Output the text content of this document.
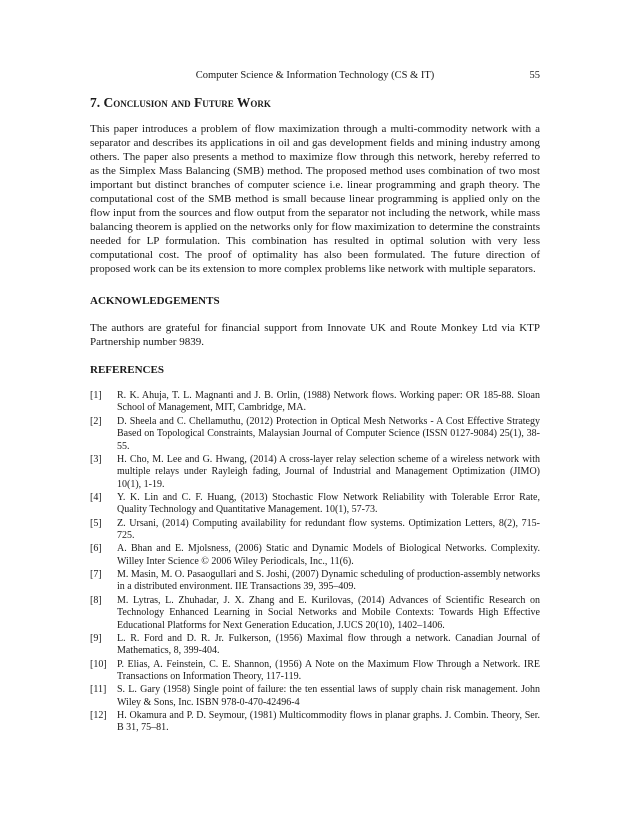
Computer Science & Information Technology (CS & IT)	55
7. Conclusion and Future Work

This paper introduces a problem of flow maximization through a multi-commodity network with a separator and describes its applications in oil and gas development fields and mining industry among others. The paper also presents a method to maximize flow through this network, hereby referred to as the Simplex Mass Balancing (SMB) method. The proposed method uses combination of two most important but distinct branches of computer science i.e. linear programming and graph theory. The computational cost of the SMB method is small because linear programming is applied only on the flow input from the sources and flow output from the separator not including the network, while mass balancing theorem is applied on the networks only for flow maximization to determine the constraints needed for LP formulation. This combination has resulted in optimal solution with very less computational cost. The proof of optimality has also been formulated. The future direction of proposed work can be its extension to more complex problems like network with multiple separators.

ACKNOWLEDGEMENTS

The authors are grateful for financial support from Innovate UK and Route Monkey Ltd via KTP Partnership number 9839.

REFERENCES
[1]	R. K. Ahuja, T. L. Magnanti and J. B. Orlin, (1988) Network flows. Working paper: OR 185-88. Sloan School of Management, MIT, Cambridge, MA.
[2]	D. Sheela and C. Chellamuthu, (2012) Protection in Optical Mesh Networks - A Cost Effective Strategy Based on Topological Constraints, Malaysian Journal of Computer Science (ISSN 0127-9084) 25(1), 38-55.
[3]	H. Cho, M. Lee and G. Hwang, (2014) A cross-layer relay selection scheme of a wireless network with multiple relays under Rayleigh fading, Journal of Industrial and Management Optimization (JIMO) 10(1), 1-19.
[4]	Y. K. Lin and C. F. Huang, (2013) Stochastic Flow Network Reliability with Tolerable Error Rate, Quality Technology and Quantitative Management. 10(1), 57-73.
[5]	Z. Ursani, (2014) Computing availability for redundant flow systems. Optimization Letters, 8(2), 715-725.
[6]	A. Bhan and E. Mjolsness, (2006) Static and Dynamic Models of Biological Networks. Complexity. Willey Inter Science © 2006 Wiley Periodicals, Inc., 11(6).
[7]	M. Masin, M. O. Pasaogullari and S. Joshi, (2007) Dynamic scheduling of production-assembly networks in a distributed environment. IIE Transactions 39, 395–409.
[8]	M. Lytras, L. Zhuhadar, J. X. Zhang and E. Kurilovas, (2014) Advances of Scientific Research on Technology Enhanced Learning in Social Networks and Mobile Contexts: Towards High Effective Educational Platforms for Next Generation Education, J.UCS 20(10), 1402–1406.
[9]	L. R. Ford and D. R. Jr. Fulkerson, (1956) Maximal flow through a network. Canadian Journal of Mathematics, 8, 399-404.
[10]	P. Elias, A. Feinstein, C. E. Shannon, (1956) A Note on the Maximum Flow Through a Network. IRE Transactions on Information Theory, 117-119.
[11]	S. L. Gary (1958) Single point of failure: the ten essential laws of supply chain risk management. John Wiley & Sons, Inc. ISBN 978-0-470-42496-4
[12]	H. Okamura and P. D. Seymour, (1981) Multicommodity flows in planar graphs. J. Combin. Theory, Ser. B 31, 75–81.
